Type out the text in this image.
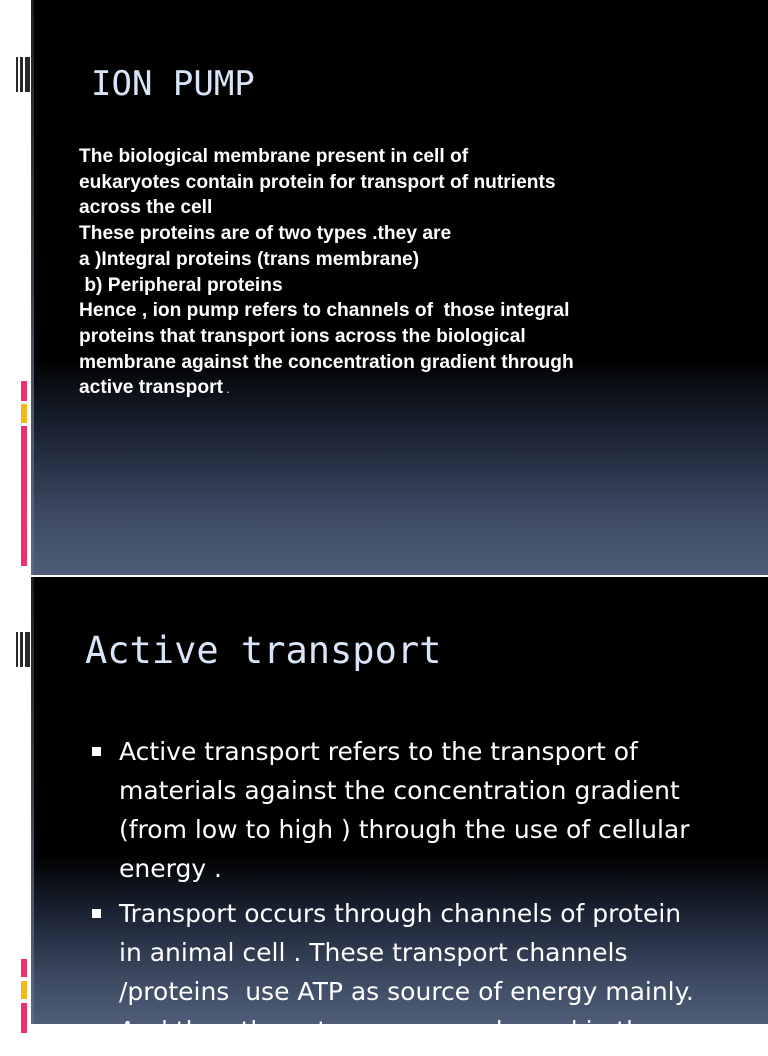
ION PUMP
The biological membrane present in cell of
eukaryotes contain protein for transport of nutrients
across the cell
These proteins are of two types .they are
a )Integral proteins (trans membrane)
b) Peripheral proteins
Hence , ion pump refers to channels of  those integral
proteins that transport ions across the biological
membrane against the concentration gradient through
active transport .
Active transport
Active transport refers to the transport of
materials against the concentration gradient
(from low to high ) through the use of cellular
energy .
Transport occurs through channels of protein
in animal cell . These transport channels
/proteins  use ATP as source of energy mainly.
And then they store energy released in the
